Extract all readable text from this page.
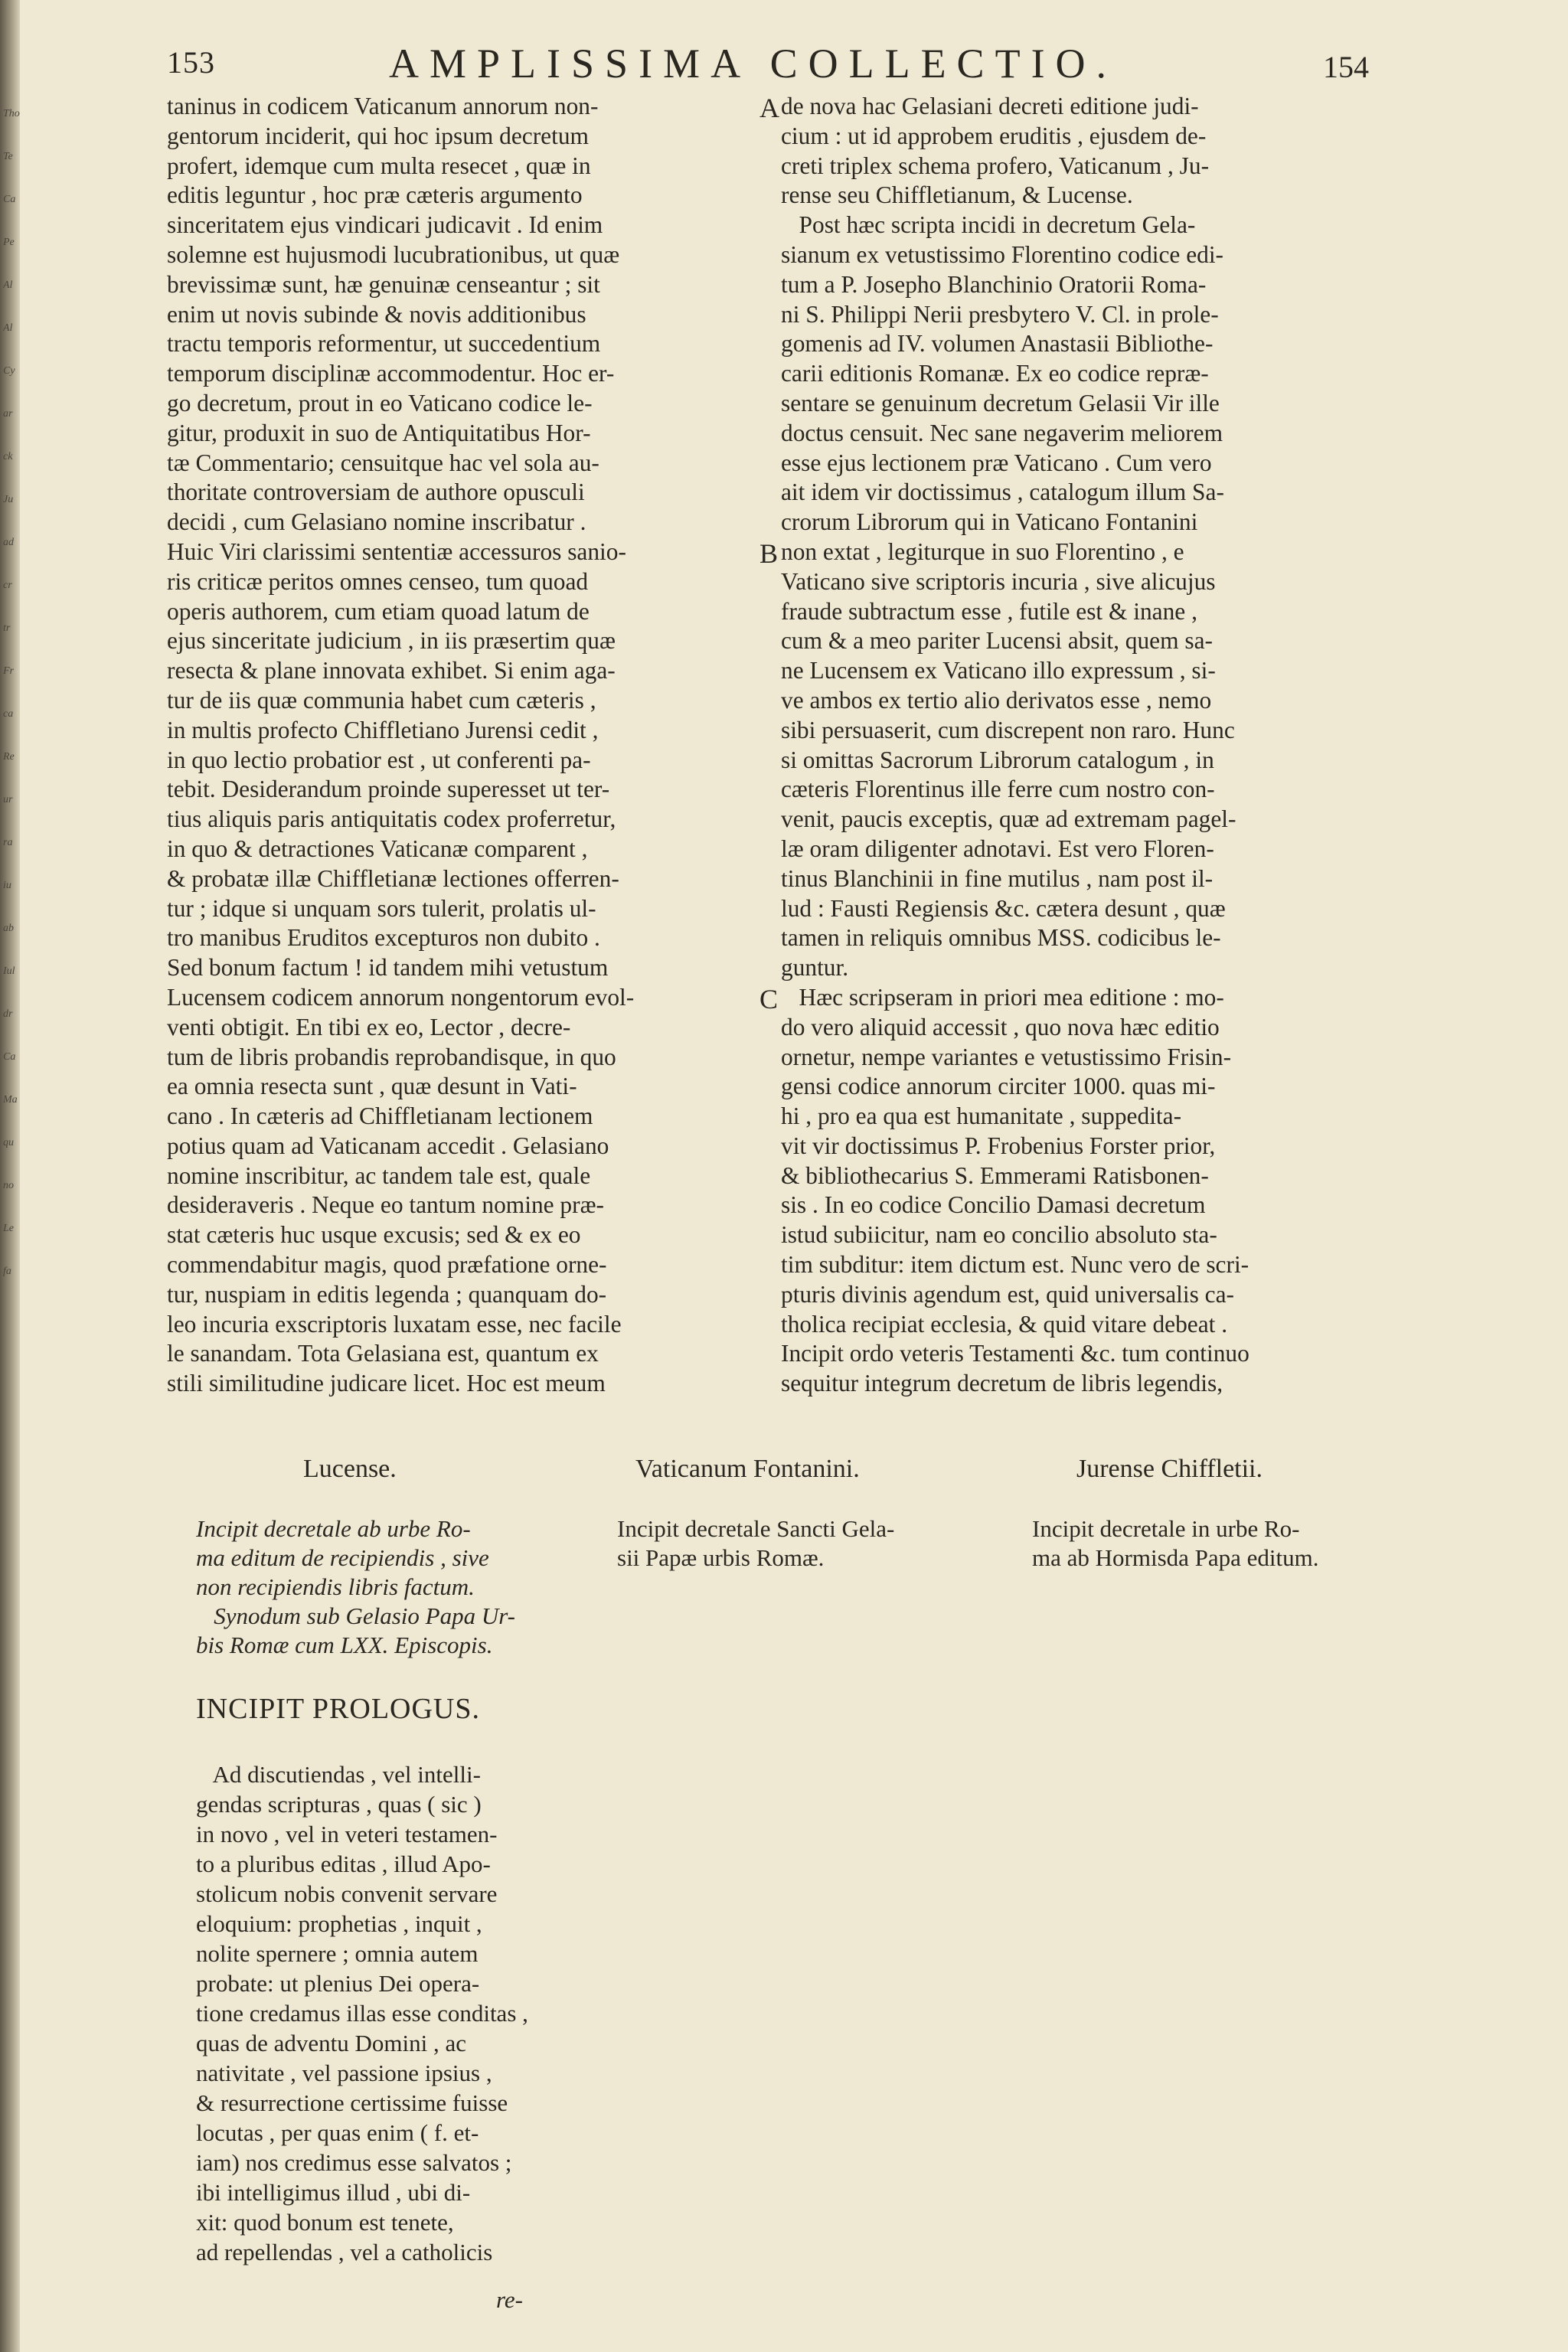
Tho
Te
Ca
Pe
Al
Al
Cy
ar
ck
Ju
ad
cr
tr
Fr
ca
Re
ur
ra
iu
ab
Iul
dr
Ca
Ma
qu
no
Le
fa
153	AMPLISSIMA COLLECTIO.	154
taninus in codicem Vaticanum annorum non-
gentorum inciderit, qui hoc ipsum decretum
profert, idemque cum multa resecet , quæ in
editis leguntur , hoc præ cæteris argumento
sinceritatem ejus vindicari judicavit . Id enim
solemne est hujusmodi lucubrationibus, ut quæ
brevissimæ sunt, hæ genuinæ censeantur ; sit
enim ut novis subinde & novis additionibus
tractu temporis reformentur, ut succedentium
temporum disciplinæ accommodentur. Hoc er-
go decretum, prout in eo Vaticano codice le-
gitur, produxit in suo de Antiquitatibus Hor-
tæ Commentario; censuitque hac vel sola au-
thoritate controversiam de authore opusculi
decidi , cum Gelasiano nomine inscribatur .
Huic Viri clarissimi sententiæ accessuros sanio-
ris criticæ peritos omnes censeo, tum quoad
operis authorem, cum etiam quoad latum de
ejus sinceritate judicium , in iis præsertim quæ
resecta & plane innovata exhibet. Si enim aga-
tur de iis quæ communia habet cum cæteris ,
in multis profecto Chiffletiano Jurensi cedit ,
in quo lectio probatior est , ut conferenti pa-
tebit. Desiderandum proinde superesset ut ter-
tius aliquis paris antiquitatis codex proferretur,
in quo & detractiones Vaticanæ comparent ,
& probatæ illæ Chiffletianæ lectiones offerren-
tur ; idque si unquam sors tulerit, prolatis ul-
tro manibus Eruditos excepturos non dubito .
Sed bonum factum ! id tandem mihi vetustum
Lucensem codicem annorum nongentorum evol-
venti obtigit. En tibi ex eo, Lector , decre-
tum de libris probandis reprobandisque, in quo
ea omnia resecta sunt , quæ desunt in Vati-
cano . In cæteris ad Chiffletianam lectionem
potius quam ad Vaticanam accedit . Gelasiano
nomine inscribitur, ac tandem tale est, quale
desideraveris . Neque eo tantum nomine præ-
stat cæteris huc usque excusis; sed & ex eo
commendabitur magis, quod præfatione orne-
tur, nuspiam in editis legenda ; quanquam do-
leo incuria exscriptoris luxatam esse, nec facile
le sanandam. Tota Gelasiana est, quantum ex
stili similitudine judicare licet. Hoc est meum
de nova hac Gelasiani decreti editione judi-
cium : ut id approbem eruditis , ejusdem de-
creti triplex schema profero, Vaticanum , Ju-
rense seu Chiffletianum, & Lucense.
Post hæc scripta incidi in decretum Gela-
sianum ex vetustissimo Florentino codice edi-
tum a P. Josepho Blanchinio Oratorii Roma-
ni S. Philippi Nerii presbytero V. Cl. in prole-
gomenis ad IV. volumen Anastasii Bibliothe-
carii editionis Romanæ. Ex eo codice repræ-
sentare se genuinum decretum Gelasii Vir ille
doctus censuit. Nec sane negaverim meliorem
esse ejus lectionem præ Vaticano . Cum vero
ait idem vir doctissimus , catalogum illum Sa-
crorum Librorum qui in Vaticano Fontanini
non extat , legiturque in suo Florentino , e
Vaticano sive scriptoris incuria , sive alicujus
fraude subtractum esse , futile est & inane ,
cum & a meo pariter Lucensi absit, quem sa-
ne Lucensem ex Vaticano illo expressum , si-
ve ambos ex tertio alio derivatos esse , nemo
sibi persuaserit, cum discrepent non raro. Hunc
si omittas Sacrorum Librorum catalogum , in
cæteris Florentinus ille ferre cum nostro con-
venit, paucis exceptis, quæ ad extremam pagel-
læ oram diligenter adnotavi. Est vero Floren-
tinus Blanchinii in fine mutilus , nam post il-
lud : Fausti Regiensis &c. cætera desunt , quæ
tamen in reliquis omnibus MSS. codicibus le-
guntur.
Hæc scripseram in priori mea editione : mo-
do vero aliquid accessit , quo nova hæc editio
ornetur, nempe variantes e vetustissimo Frisin-
gensi codice annorum circiter 1000. quas mi-
hi , pro ea qua est humanitate , suppedita-
vit vir doctissimus P. Frobenius Forster prior,
& bibliothecarius S. Emmerami Ratisbonen-
sis . In eo codice Concilio Damasi decretum
istud subiicitur, nam eo concilio absoluto sta-
tim subditur: item dictum est. Nunc vero de scri-
pturis divinis agendum est, quid universalis ca-
tholica recipiat ecclesia, & quid vitare debeat .
Incipit ordo veteris Testamenti &c. tum continuo
sequitur integrum decretum de libris legendis,
A
B
C
Lucense.	Vaticanum Fontanini.	Jurense Chiffletii.
Incipit decretale ab urbe Ro-
ma editum de recipiendis , sive
non recipiendis libris factum.
Synodum sub Gelasio Papa Ur-
bis Romæ cum LXX. Episcopis.
Incipit decretale Sancti Gela-
sii Papæ urbis Romæ.
Incipit decretale in urbe Ro-
ma ab Hormisda Papa editum.
INCIPIT PROLOGUS.
Ad discutiendas , vel intelli-
gendas scripturas , quas ( sic )
in novo , vel in veteri testamen-
to a pluribus editas , illud Apo-
stolicum nobis convenit servare
eloquium: prophetias , inquit ,
nolite spernere ; omnia autem
probate: ut plenius Dei opera-
tione credamus illas esse conditas ,
quas de adventu Domini , ac
nativitate , vel passione ipsius ,
& resurrectione certissime fuisse
locutas , per quas enim ( f. et-
iam) nos credimus esse salvatos ;
ibi intelligimus illud , ubi di-
xit: quod bonum est tenete,
ad repellendas , vel a catholicis
re-
